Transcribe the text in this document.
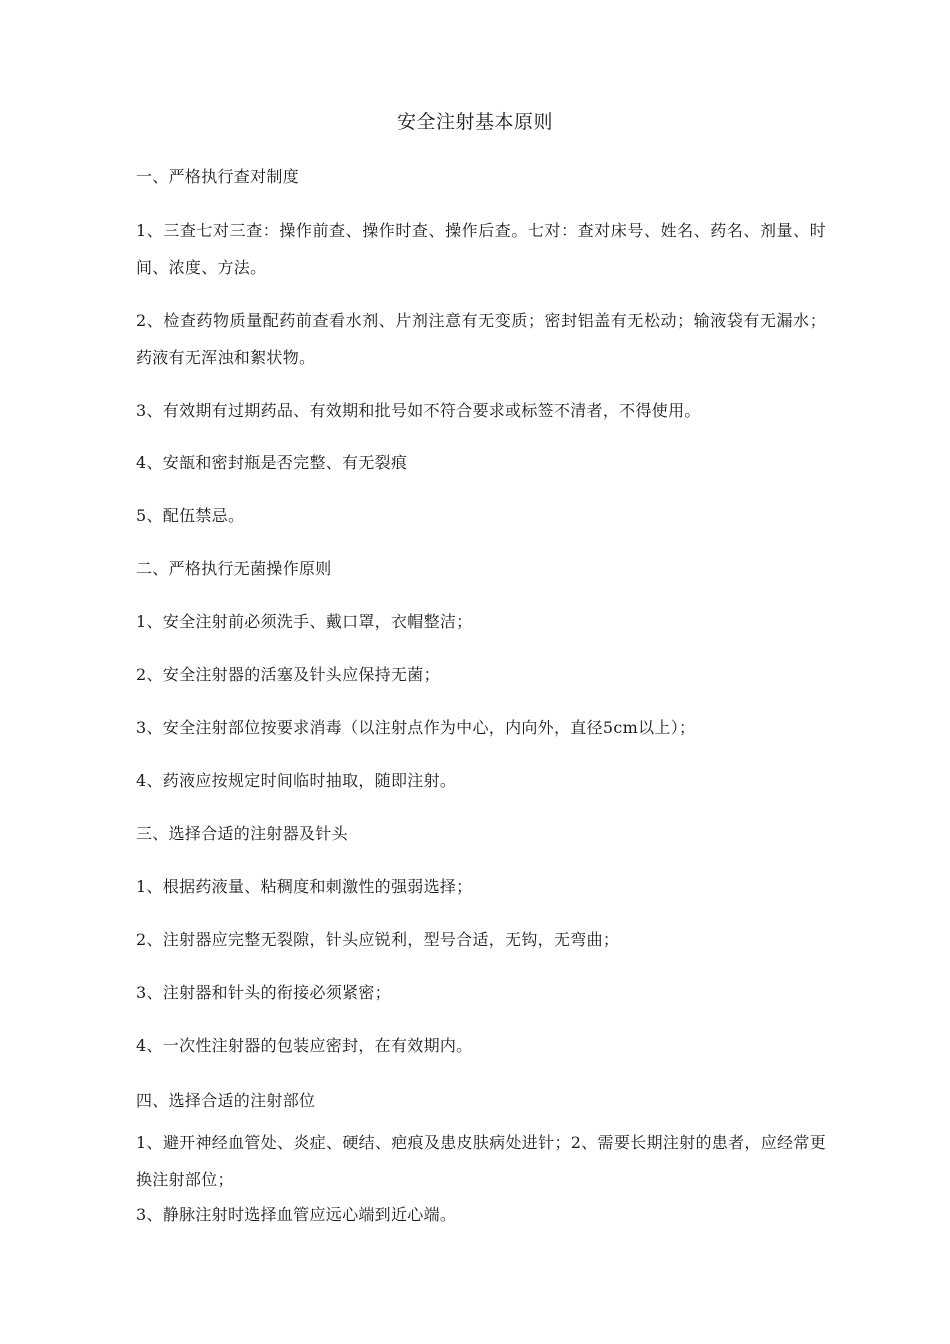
安全注射基本原则
一、严格执行查对制度
1、三查七对三查：操作前查、操作时查、操作后查。七对：查对床号、姓名、药名、剂量、时间、浓度、方法。
2、检查药物质量配药前查看水剂、片剂注意有无变质；密封铝盖有无松动；输液袋有无漏水；药液有无浑浊和絮状物。
3、有效期有过期药品、有效期和批号如不符合要求或标签不清者，不得使用。
4、安瓿和密封瓶是否完整、有无裂痕
5、配伍禁忌。
二、严格执行无菌操作原则
1、安全注射前必须洗手、戴口罩，衣帽整洁；
2、安全注射器的活塞及针头应保持无菌；
3、安全注射部位按要求消毒（以注射点作为中心，内向外，直径5cm以上）；
4、药液应按规定时间临时抽取，随即注射。
三、选择合适的注射器及针头
1、根据药液量、粘稠度和刺激性的强弱选择；
2、注射器应完整无裂隙，针头应锐利，型号合适，无钩，无弯曲；
3、注射器和针头的衔接必须紧密；
4、一次性注射器的包装应密封，在有效期内。
四、选择合适的注射部位
1、避开神经血管处、炎症、硬结、疤痕及患皮肤病处进针；2、需要长期注射的患者，应经常更换注射部位；
3、静脉注射时选择血管应远心端到近心端。
